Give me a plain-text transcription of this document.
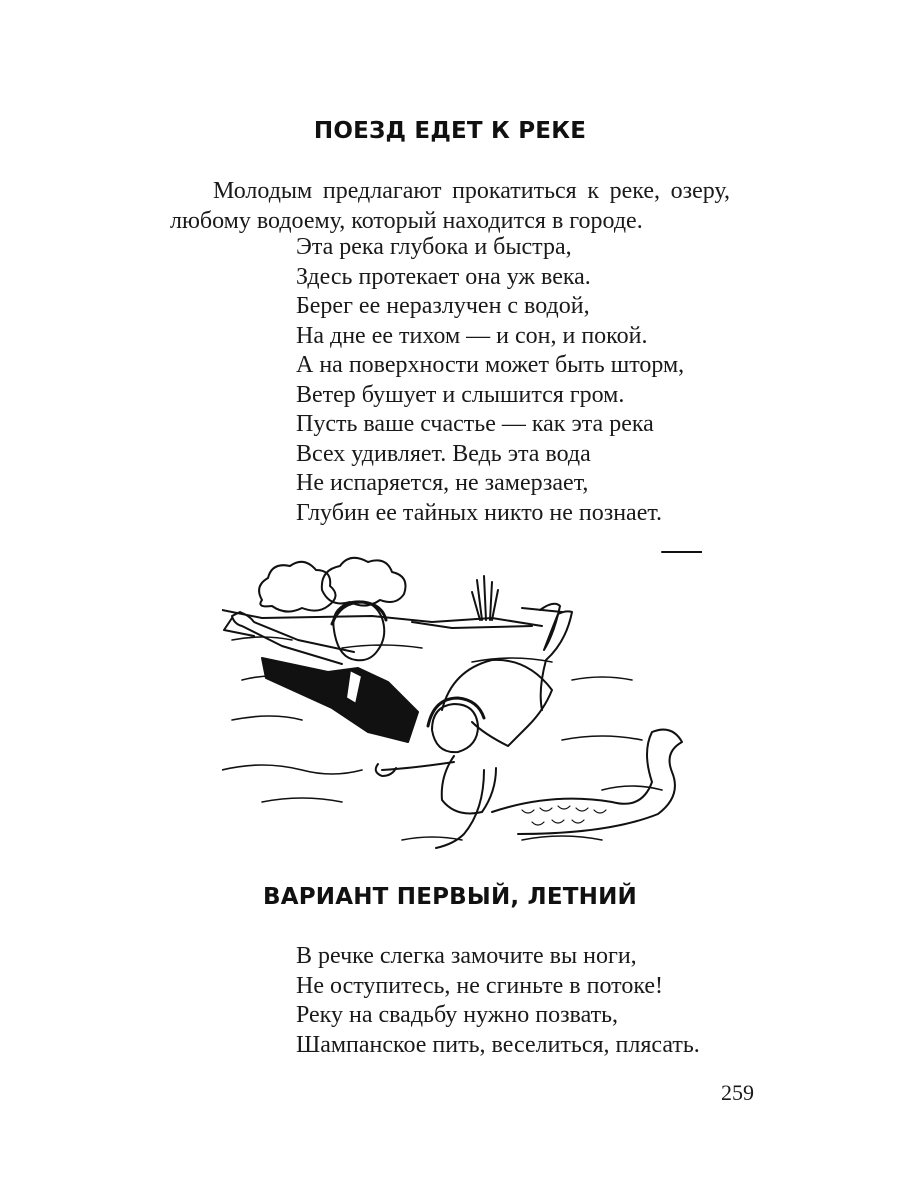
ПОЕЗД ЕДЕТ К РЕКЕ

Молодым предлагают прокатиться к реке, озеру, любому водоему, который находится в городе.

Эта река глубока и быстра,
Здесь протекает она уж века.
Берег ее неразлучен с водой,
На дне ее тихом — и сон, и покой.
А на поверхности может быть шторм,
Ветер бушует и слышится гром.
Пусть ваше счастье — как эта река
Всех удивляет. Ведь эта вода
Не испаряется, не замерзает,
Глубин ее тайных никто не познает.
ВАРИАНТ ПЕРВЫЙ, ЛЕТНИЙ
В речке слегка замочите вы ноги,
Не оступитесь, не сгиньте в потоке!
Реку на свадьбу нужно позвать,
Шампанское пить, веселиться, плясать.
259
